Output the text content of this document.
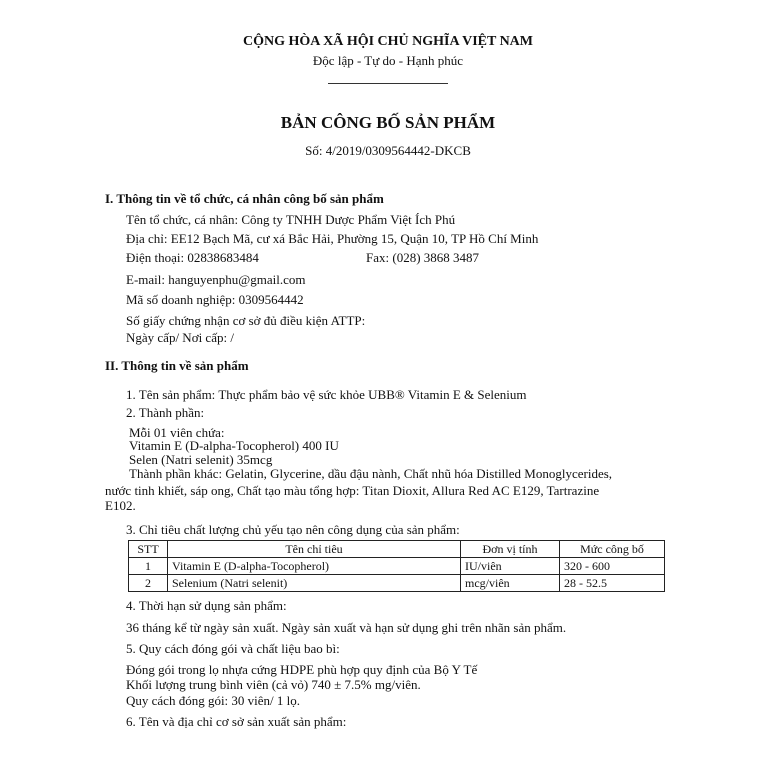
CỘNG HÒA XÃ HỘI CHỦ NGHĨA VIỆT NAM
Độc lập - Tự do - Hạnh phúc
BẢN CÔNG BỐ SẢN PHẨM
Số: 4/2019/0309564442-DKCB
I. Thông tin về tổ chức, cá nhân công bố sản phẩm
Tên tổ chức, cá nhân: Công ty TNHH Dược Phẩm Việt Ích Phú
Địa chỉ: EE12 Bạch Mã, cư xá Bắc Hải, Phường 15, Quận 10, TP Hồ Chí Minh
Điện thoại: 02838683484	Fax: (028) 3868 3487
E-mail: hanguyenphu@gmail.com
Mã số doanh nghiệp: 0309564442
Số giấy chứng nhận cơ sở đủ điều kiện ATTP:
Ngày cấp/ Nơi cấp: /
II. Thông tin về sản phẩm
1. Tên sản phẩm: Thực phẩm bảo vệ sức khỏe UBB® Vitamin E & Selenium
2. Thành phần:
Mỗi 01 viên chứa:
Vitamin E (D-alpha-Tocopherol) 400 IU
Selen (Natri selenit) 35mcg
Thành phần khác: Gelatin, Glycerine, dầu đậu nành, Chất nhũ hóa Distilled Monoglycerides,
nước tinh khiết, sáp ong, Chất tạo màu tổng hợp: Titan Dioxit, Allura Red AC E129, Tartrazine
E102.
3. Chỉ tiêu chất lượng chủ yếu tạo nên công dụng của sản phẩm:
STT	Tên chỉ tiêu	Đơn vị tính	Mức công bố
1	Vitamin E (D-alpha-Tocopherol)	IU/viên	320 - 600
2	Selenium (Natri selenit)	mcg/viên	28 - 52.5
4. Thời hạn sử dụng sản phẩm:
36 tháng kể từ ngày sản xuất. Ngày sản xuất và hạn sử dụng ghi trên nhãn sản phẩm.
5. Quy cách đóng gói và chất liệu bao bì:
Đóng gói trong lọ nhựa cứng HDPE phù hợp quy định của Bộ Y Tế
Khối lượng trung bình viên (cả vỏ) 740 ± 7.5% mg/viên.
Quy cách đóng gói: 30 viên/ 1 lọ.
6. Tên và địa chỉ cơ sở sản xuất sản phẩm:
